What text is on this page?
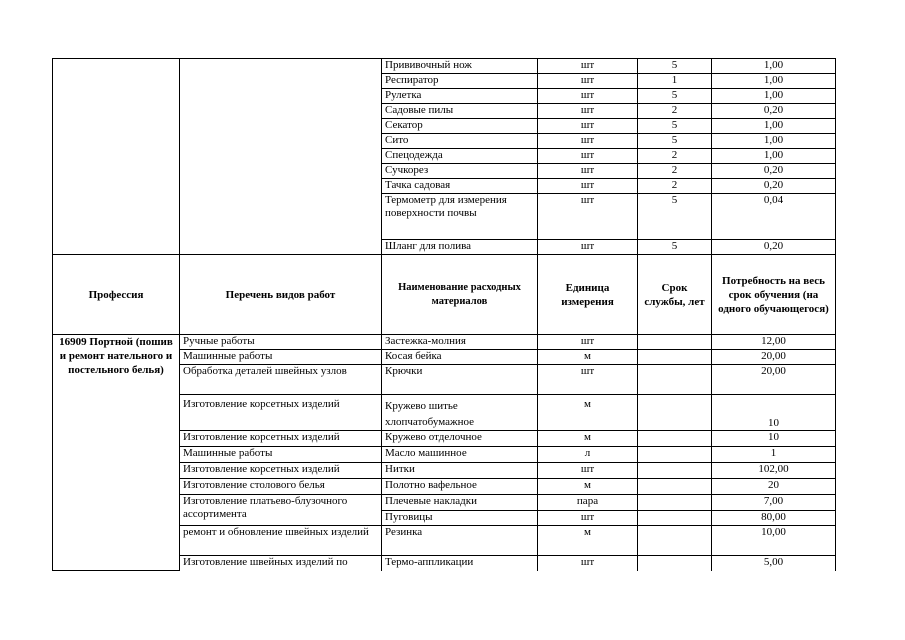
		Прививочный нож	шт	5	1,00
		Респиратор	шт	1	1,00
		Рулетка	шт	5	1,00
		Садовые пилы	шт	2	0,20
		Секатор	шт	5	1,00
		Сито	шт	5	1,00
		Спецодежда	шт	2	1,00
		Сучкорез	шт	2	0,20
		Тачка садовая	шт	2	0,20
		Термометр для измерения поверхности почвы	шт	5	0,04
		Шланг для полива	шт	5	0,20
Профессия	Перечень видов работ	Наименование расходных материалов	Единица измерения	Срок службы, лет	Потребность на весь срок обучения (на одного обучающегося)
16909 Портной (пошив и ремонт нательного и постельного белья)	Ручные работы	Застежка-молния	шт		12,00
	Машинные работы	Косая бейка	м		20,00
	Обработка деталей швейных узлов	Крючки	шт		20,00
	Изготовление корсетных изделий	Кружево шитье хлопчатобумажное	м		10
	Изготовление корсетных изделий	Кружево отделочное	м		10
	Машинные работы	Масло машинное	л		1
	Изготовление корсетных изделий	Нитки	шт		102,00
	Изготовление столового белья	Полотно вафельное	м		20
	Изготовление платьево-блузочного ассортимента	Плечевые накладки	пара		7,00
		Пуговицы	шт		80,00
	ремонт и обновление швейных изделий	Резинка	м		10,00
	Изготовление швейных изделий по	Термо-аппликации	шт		5,00
